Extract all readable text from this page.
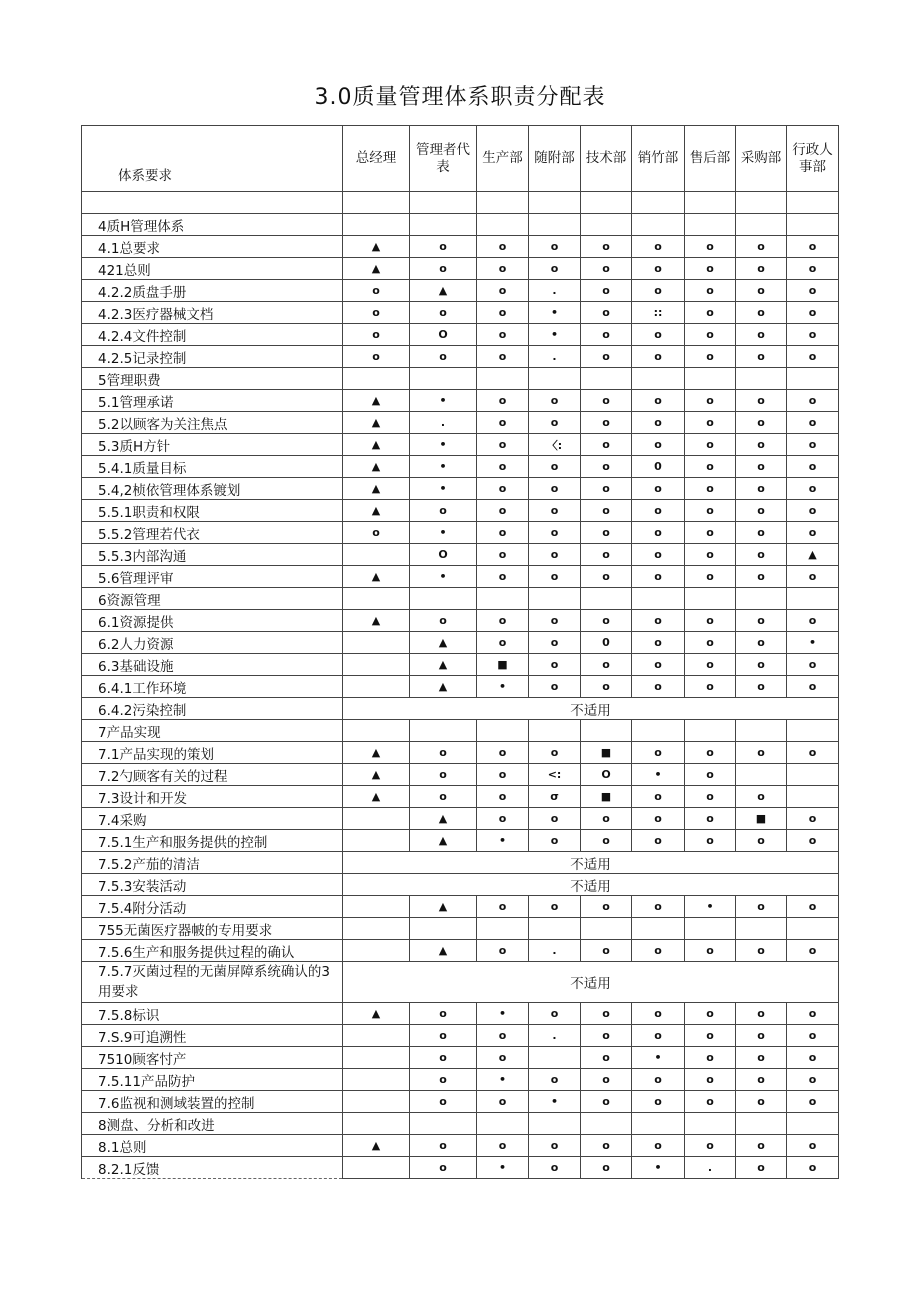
3.0质量管理体系职责分配表
体系要求	总经理	管理者代表	生产部	随附部	技术部	销竹部	售后部	采购部	行政人事部

4质H管理体系									
4.1总要求	▲	o	o	o	o	o	o	o	o
421总则	▲	o	o	o	o	o	o	o	o
4.2.2质盘手册	o	▲	o	.	o	o	o	o	o
4.2.3医疗器械文档	o	o	o	•	o	::	o	o	o
4.2.4文件控制	o	O	o	•	o	o	o	o	o
4.2.5记录控制	o	o	o	.	o	o	o	o	o
5管理职费									
5.1管理承诺	▲	•	o	o	o	o	o	o	o
5.2以顾客为关注焦点	▲	.	o	o	o	o	o	o	o
5.3质H方针	▲	•	o	〈:	o	o	o	o	o
5.4.1质量目标	▲	•	o	o	o	0	o	o	o
5.4,2桢依管理体系镀划	▲	•	o	o	o	o	o	o	o
5.5.1职责和权限	▲	o	o	o	o	o	o	o	o
5.5.2管理若代衣	o	•	o	o	o	o	o	o	o
5.5.3内部沟通		O	o	o	o	o	o	o	▲
5.6管理评审	▲	•	o	o	o	o	o	o	o
6资源管理									
6.1资源提供	▲	o	o	o	o	o	o	o	o
6.2人力资源		▲	o	o	0	o	o	o	•
6.3基础设施		▲	■	o	o	o	o	o	o
6.4.1工作环境		▲	•	o	o	o	o	o	o
6.4.2污染控制	不适用								
7产品实现									
7.1产品实现的策划	▲	o	o	o	■	o	o	o	o
7.2勺顾客有关的过程	▲	o	o	<:	O	•	o		
7.3设计和开发	▲	o	o	σ	■	o	o	o	
7.4采购		▲	o	o	o	o	o	■	o
7.5.1生产和服务提供的控制		▲	•	o	o	o	o	o	o
7.5.2产茄的清洁	不适用								
7.5.3安装活动	不适用								
7.5.4附分活动		▲	o	o	o	o	•	o	o
755无菌医疗器帔的专用要求									
7.5.6生产和服务提供过程的确认		▲	o	.	o	o	o	o	o
7.5.7灭菌过程的无菌屏障系统确认的3用要求	不适用								
7.5.8标识	▲	o	•	o	o	o	o	o	o
7.S.9可追溯性		o	o	.	o	o	o	o	o
7510顾客忖产		o	o		o	•	o	o	o
7.5.11产品防护		o	•	o	o	o	o	o	o
7.6监视和测域装置的控制		o	o	•	o	o	o	o	o
8测盘、分析和改进									
8.1总则	▲	o	o	o	o	o	o	o	o
8.2.1反馈		o	•	o	o	•	.	o	o
